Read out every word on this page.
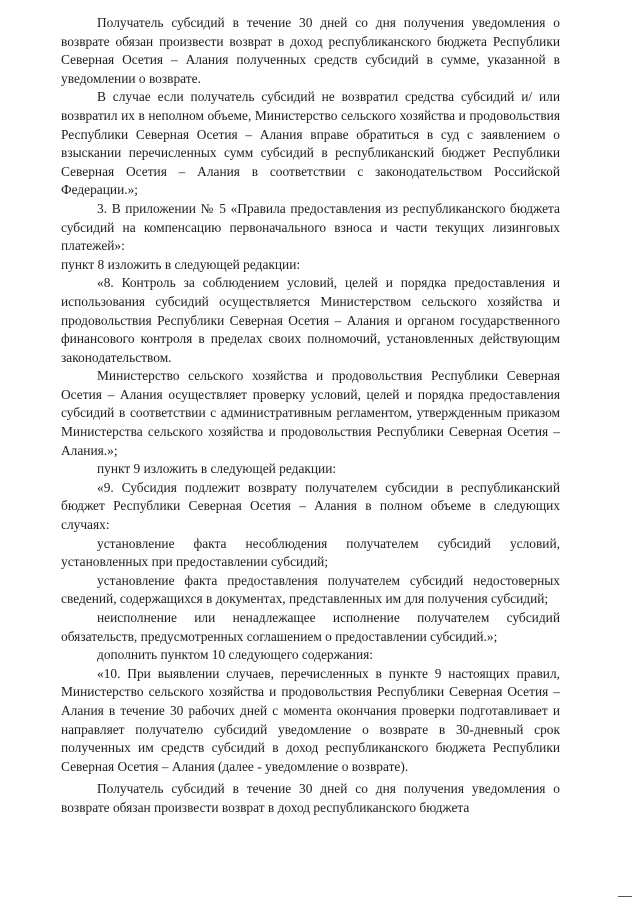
Получатель субсидий в течение 30 дней со дня получения уведомления о возврате обязан произвести возврат в доход республиканского бюджета Республики Северная Осетия – Алания полученных средств субсидий в сумме, указанной в уведомлении о возврате.

В случае если получатель субсидий не возвратил средства субсидий и/ или возвратил их в неполном объеме, Министерство сельского хозяйства и продовольствия Республики Северная Осетия – Алания вправе обратиться в суд с заявлением о взыскании перечисленных сумм субсидий в республиканский бюджет Республики Северная Осетия – Алания в соответствии с законодательством Российской Федерации.»;

3. В приложении № 5 «Правила предоставления из республиканского бюджета субсидий на компенсацию первоначального взноса и части текущих лизинговых платежей»:

пункт 8 изложить в следующей редакции:

«8. Контроль за соблюдением условий, целей и порядка предоставления и использования субсидий осуществляется Министерством сельского хозяйства и продовольствия Республики Северная Осетия – Алания и органом государственного финансового контроля в пределах своих полномочий, установленных действующим законодательством.

Министерство сельского хозяйства и продовольствия Республики Северная Осетия – Алания осуществляет проверку условий, целей и порядка предоставления субсидий в соответствии с административным регламентом, утвержденным приказом Министерства сельского хозяйства и продовольствия Республики Северная Осетия – Алания.»;

пункт 9 изложить в следующей редакции:

«9. Субсидия подлежит возврату получателем субсидии в республиканский бюджет Республики Северная Осетия – Алания в полном объеме в следующих случаях:

установление факта несоблюдения получателем субсидий условий, установленных при предоставлении субсидий;

установление факта предоставления получателем субсидий недостоверных сведений, содержащихся в документах, представленных им для получения субсидий;

неисполнение или ненадлежащее исполнение получателем субсидий обязательств, предусмотренных соглашением о предоставлении субсидий.»;

дополнить пунктом 10 следующего содержания:

«10. При выявлении случаев, перечисленных в пункте 9 настоящих правил, Министерство сельского хозяйства и продовольствия Республики Северная Осетия – Алания в течение 30 рабочих дней с момента окончания проверки подготавливает и направляет получателю субсидий уведомление о возврате в 30-дневный срок полученных им средств субсидий в доход республиканского бюджета Республики Северная Осетия – Алания (далее - уведомление о возврате).

Получатель субсидий в течение 30 дней со дня получения уведомления о возврате обязан произвести возврат в доход республиканского бюджета
